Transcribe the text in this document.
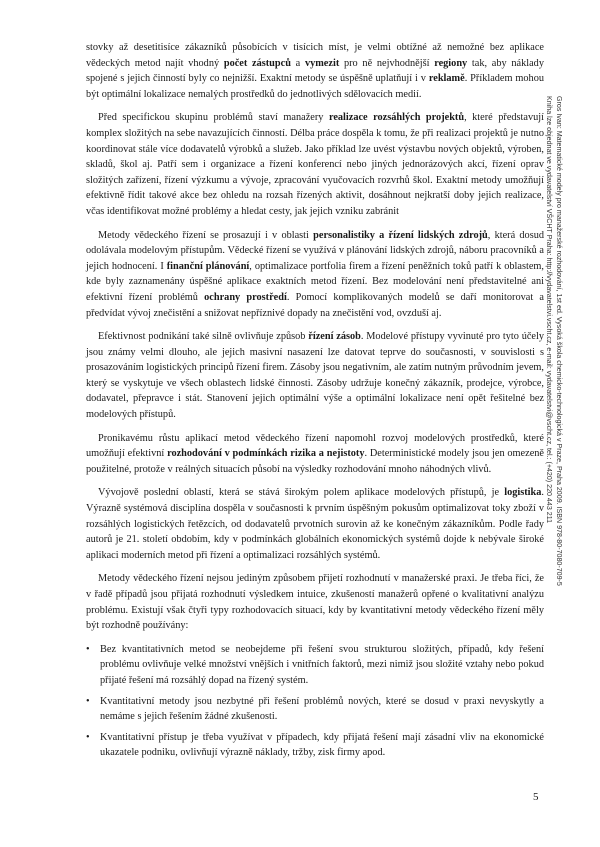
stovky až desetitisíce zákazníků působících v tisícich míst, je velmi obtížné až nemožné bez aplikace vědeckých metod najít vhodný počet zástupců a vymezit pro ně nejvhodnější regiony tak, aby náklady spojené s jejich činností byly co nejnižší. Exaktní metody se úspěšně uplatňují i v reklamě. Příkladem mohou být optimální lokalizace nemalých prostředků do jednotlivých sdělovacích medií.

Před specifickou skupinu problémů staví manažery realizace rozsáhlých projektů, které představují komplex složitých na sebe navazujících činností. Délba práce dospěla k tomu, že při realizaci projektů je nutno koordinovat stále více dodavatelů výrobků a služeb. Jako příklad lze uvést výstavbu nových objektů, výroben, skladů, škol aj. Patří sem i organizace a řízení konferencí nebo jiných jednorázových akcí, řízení oprav složitých zařízení, řízení výzkumu a vývoje, zpracování vyučovacích rozvrhů škol. Exaktní metody umožňují efektivně řídit takové akce bez ohledu na rozsah řízených aktivit, dosáhnout nejkratší doby jejich realizace, včas identifikovat možné problémy a hledat cesty, jak jejich vzniku zabránit

Metody vědeckého řízení se prosazují i v oblasti personalistiky a řízení lidských zdrojů, která dosud odolávala modelovým přístupům. Vědecké řízení se využívá v plánování lidských zdrojů, náboru pracovníků a jejich hodnocení. I finanční plánování, optimalizace portfolia firem a řízení peněžních toků patří k oblastem, kde byly zaznamenány úspěšné aplikace exaktních metod řízení. Bez modelování není představitelné ani efektivní řízení problémů ochrany prostředí. Pomocí komplikovaných modelů se daří monitorovat a předvídat vývoj znečistění a snižovat nepříznivé dopady na znečistění vod, ovzduší aj.

Efektivnost podnikání také silně ovlivňuje způsob řízení zásob. Modelové přístupy vyvinuté pro tyto účely jsou známy velmi dlouho, ale jejich masivní nasazení lze datovat teprve do současnosti, v souvislosti s prosazováním logistických principů řízení firem. Zásoby jsou negativním, ale zatím nutným průvodním jevem, který se vyskytuje ve všech oblastech lidské činnosti. Zásoby udržuje konečný zákazník, prodejce, výrobce, dodavatel, přepravce i stát. Stanovení jejich optimální výše a optimální lokalizace není opět řešitelné bez modelových přístupů.

Pronikavému růstu aplikací metod vědeckého řízení napomohl rozvoj modelových prostředků, které umožňují efektivní rozhodování v podmínkách rizika a nejistoty. Deterministické modely jsou jen omezeně použitelné, protože v reálných situacích působí na výsledky rozhodování mnoho náhodných vlivů.

Vývojově poslední oblastí, která se stává širokým polem aplikace modelových přístupů, je logistika. Výrazně systémová disciplína dospěla v současnosti k prvním úspěšným pokusům optimalizovat toky zboží v rozsáhlých logistických řetězcích, od dodavatelů prvotních surovin až ke konečným zákazníkům. Podle řady autorů je 21. století obdobím, kdy v podmínkách globálních ekonomických systémů dojde k nebývale široké aplikaci moderních metod při řízení a optimalizaci rozsáhlých systémů.

Metody vědeckého řízení nejsou jediným způsobem přijetí rozhodnutí v manažerské praxi. Je třeba říci, že v řadě případů jsou přijatá rozhodnutí výsledkem intuice, zkušeností manažerů opřené o kvalitativní analýzu problému. Existují však čtyři typy rozhodovacích situací, kdy by kvantitativní metody vědeckého řízení měly být rozhodně používány:

• Bez kvantitativních metod se neobejdeme při řešení svou strukturou složitých, případů, kdy řešení problému ovlivňuje velké množství vnějších i vnitřních faktorů, mezi nimiž jsou složité vztahy nebo pokud přijaté řešení má rozsáhlý dopad na řízený systém.
• Kvantitativní metody jsou nezbytné při řešení problémů nových, které se dosud v praxi nevyskytly a nemáme s jejich řešením žádné zkušenosti.
• Kvantitativní přístup je třeba využívat v případech, kdy přijatá řešení mají zásadní vliv na ekonomické ukazatele podniku, ovlivňují výrazně náklady, tržby, zisk firmy apod.
Gros Ivan: Matematické modely pro manažerské rozhodování, 1st ed. Vysoká škola chemicko-technologická v Praze, Praha 2009. ISBN 978-80-7080-709-5
Kniha lze objednat ve vydavatelství VŠCHT Praha: http://vydavatelstvi.vscht.cz, e-mail: vydavatelstvi@vscht.cz, tel.: (+420) 220 443 211
5
